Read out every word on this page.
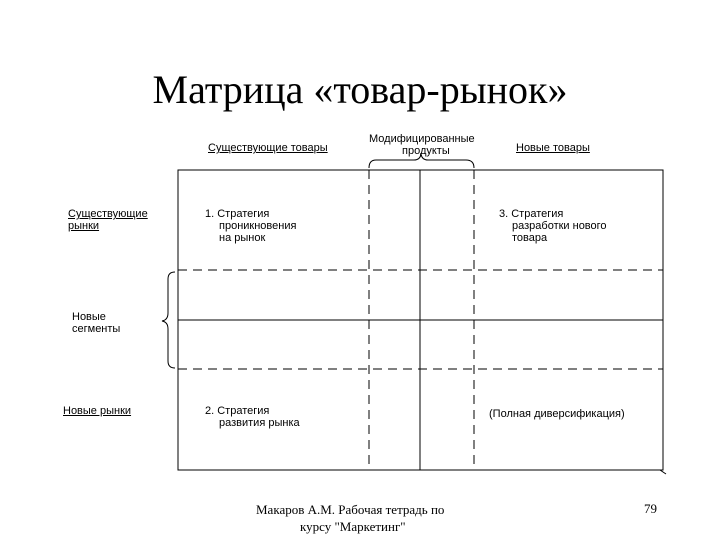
Матрица «товар-рынок»
Существующие товары
Модифицированные
продукты	Новые товары
Существующие
рынки
Новые
сегменты
Новые рынки
1. Стратегия
проникновения
на рынок
3. Стратегия
разработки нового
товара
2. Стратегия
развития рынка
(Полная диверсификация)
Макаров А.М. Рабочая тетрадь по
курсу "Маркетинг"
79
